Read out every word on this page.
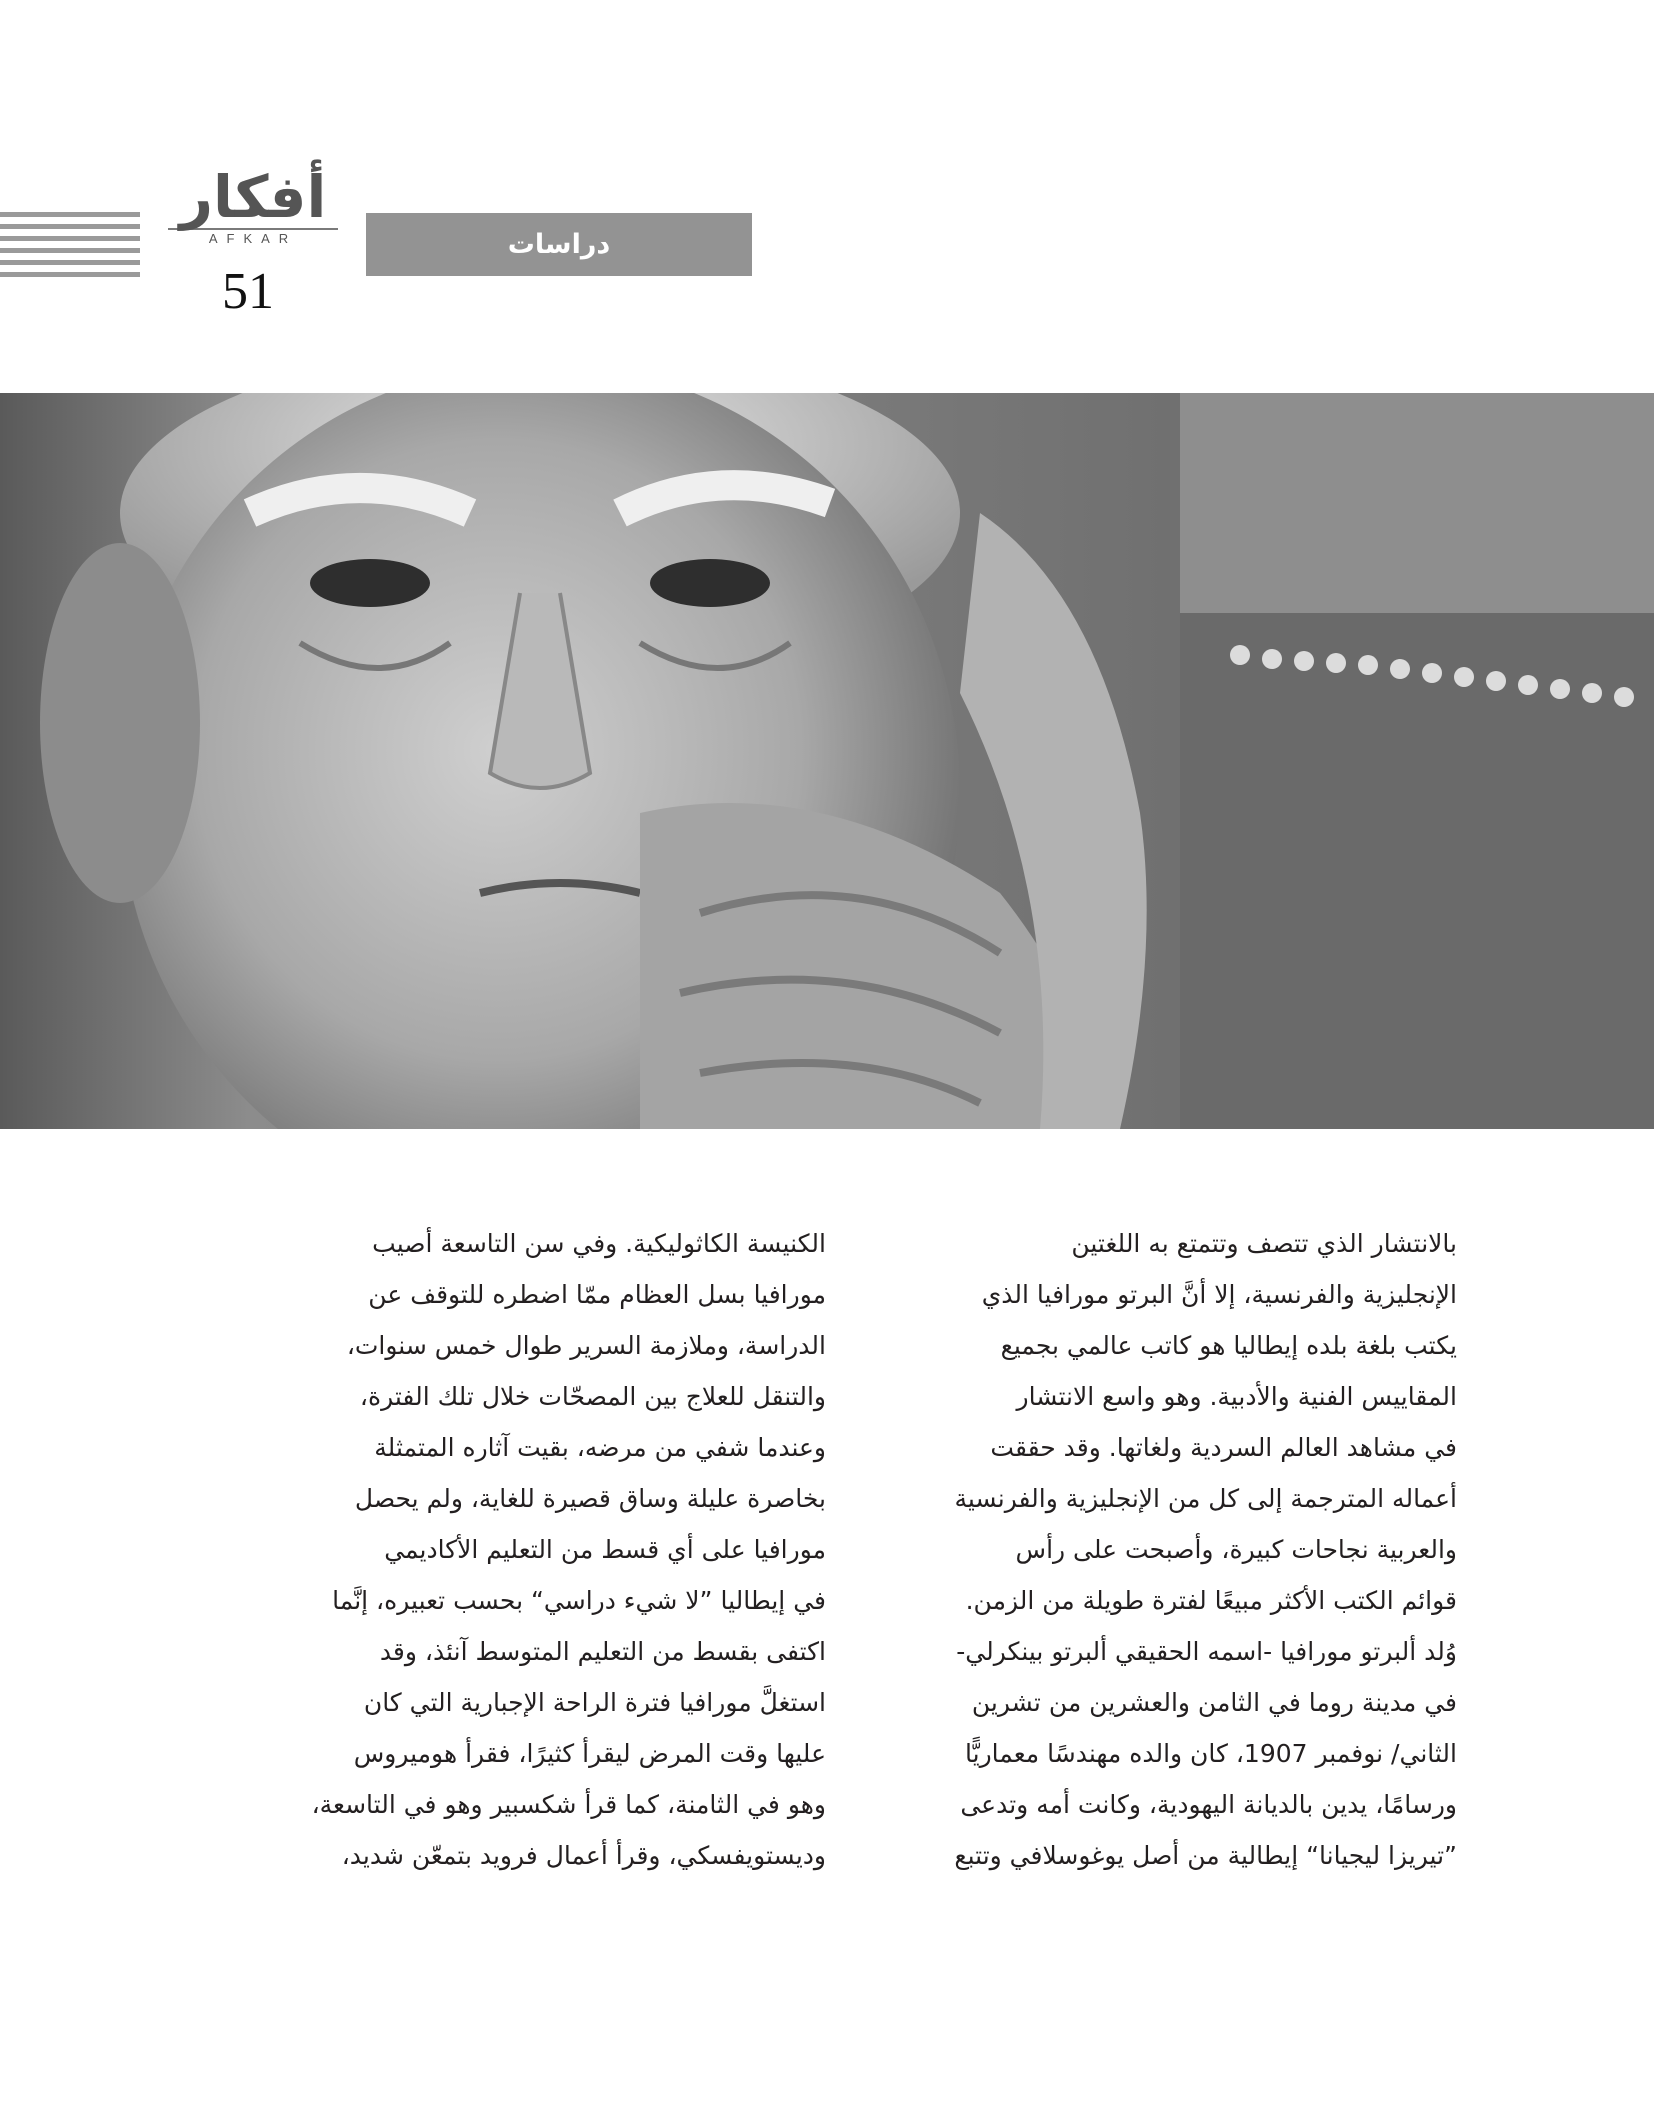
أفكار
AFKAR
51
دراسات

بالانتشار الذي تتصف وتتمتع به اللغتين

الإنجليزية والفرنسية، إلا أنَّ البرتو مورافيا الذي

يكتب بلغة بلده إيطاليا هو كاتب عالمي بجميع

المقاييس الفنية والأدبية. وهو واسع الانتشار

في مشاهد العالم السردية ولغاتها. وقد حققت

أعماله المترجمة إلى كل من الإنجليزية والفرنسية

والعربية نجاحات كبيرة، وأصبحت على رأس

قوائم الكتب الأكثر مبيعًا لفترة طويلة من الزمن.

وُلد ألبرتو مورافيا -اسمه الحقيقي ألبرتو بينكرلي-

في مدينة روما في الثامن والعشرين من تشرين

الثاني/ نوفمبر 1907، كان والده مهندسًا معماريًّا

ورسامًا، يدين بالديانة اليهودية، وكانت أمه وتدعى

”تيريزا ليجيانا“ إيطالية من أصل يوغوسلافي وتتبع

الكنيسة الكاثوليكية. وفي سن التاسعة أصيب

مورافيا بسل العظام ممّا اضطره للتوقف عن

الدراسة، وملازمة السرير طوال خمس سنوات،

والتنقل للعلاج بين المصحّات خلال تلك الفترة،

وعندما شفي من مرضه، بقيت آثاره المتمثلة

بخاصرة عليلة وساق قصيرة للغاية، ولم يحصل

مورافيا على أي قسط من التعليم الأكاديمي

في إيطاليا ”لا شيء دراسي“ بحسب تعبيره، إنَّما

اكتفى بقسط من التعليم المتوسط آنئذ، وقد

استغلَّ مورافيا فترة الراحة الإجبارية التي كان

عليها وقت المرض ليقرأ كثيرًا، فقرأ هوميروس

وهو في الثامنة، كما قرأ شكسبير وهو في التاسعة،

وديستويفسكي، وقرأ أعمال فرويد بتمعّن شديد،
